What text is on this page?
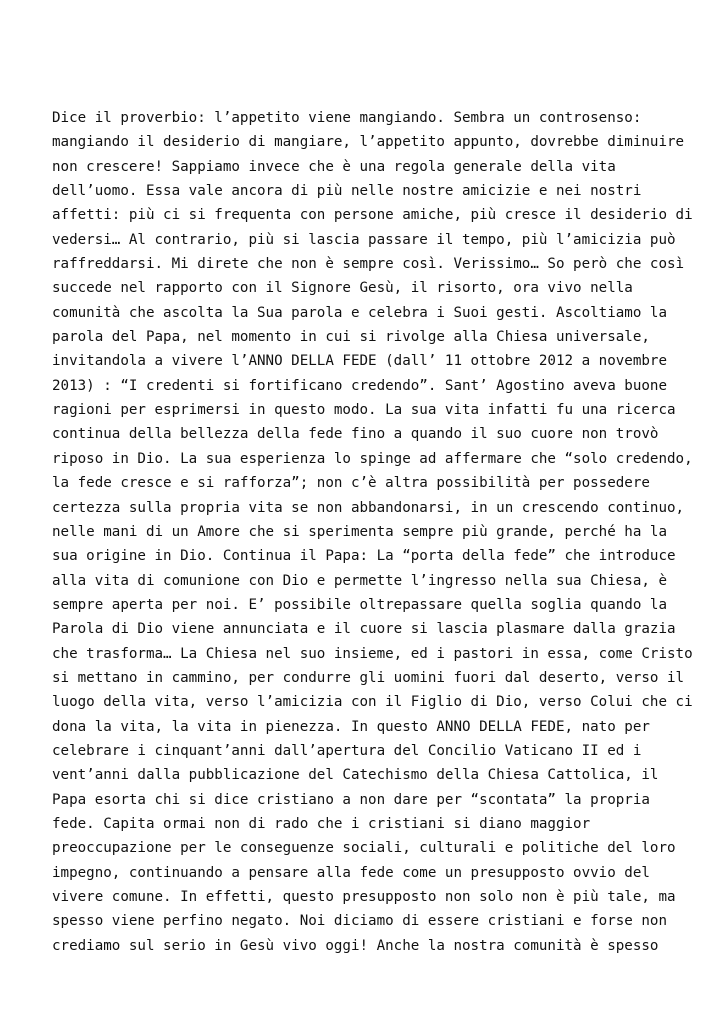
Dice il proverbio: l’appetito viene mangiando. Sembra un controsenso:
mangiando il desiderio di mangiare, l’appetito appunto, dovrebbe diminuire
non crescere! Sappiamo invece che è una regola generale della vita
dell’uomo. Essa vale ancora di più nelle nostre amicizie e nei nostri
affetti: più ci si frequenta con persone amiche, più cresce il desiderio di
vedersi… Al contrario, più si lascia passare il tempo, più l’amicizia può
raffreddarsi. Mi direte che non è sempre così. Verissimo… So però che così
succede nel rapporto con il Signore Gesù, il risorto, ora vivo nella
comunità che ascolta la Sua parola e celebra i Suoi gesti. Ascoltiamo la
parola del Papa, nel momento in cui si rivolge alla Chiesa universale,
invitandola a vivere l’ANNO DELLA FEDE (dall’ 11 ottobre 2012 a novembre
2013) : “I credenti si fortificano credendo”. Sant’ Agostino aveva buone
ragioni per esprimersi in questo modo. La sua vita infatti fu una ricerca
continua della bellezza della fede fino a quando il suo cuore non trovò
riposo in Dio. La sua esperienza lo spinge ad affermare che “solo credendo,
la fede cresce e si rafforza”; non c’è altra possibilità per possedere
certezza sulla propria vita se non abbandonarsi, in un crescendo continuo,
nelle mani di un Amore che si sperimenta sempre più grande, perché ha la
sua origine in Dio. Continua il Papa: La “porta della fede” che introduce
alla vita di comunione con Dio e permette l’ingresso nella sua Chiesa, è
sempre aperta per noi. E’ possibile oltrepassare quella soglia quando la
Parola di Dio viene annunciata e il cuore si lascia plasmare dalla grazia
che trasforma… La Chiesa nel suo insieme, ed i pastori in essa, come Cristo
si mettano in cammino, per condurre gli uomini fuori dal deserto, verso il
luogo della vita, verso l’amicizia con il Figlio di Dio, verso Colui che ci
dona la vita, la vita in pienezza. In questo ANNO DELLA FEDE, nato per
celebrare i cinquant’anni dall’apertura del Concilio Vaticano II ed i
vent’anni dalla pubblicazione del Catechismo della Chiesa Cattolica, il
Papa esorta chi si dice cristiano a non dare per “scontata” la propria
fede. Capita ormai non di rado che i cristiani si diano maggior
preoccupazione per le conseguenze sociali, culturali e politiche del loro
impegno, continuando a pensare alla fede come un presupposto ovvio del
vivere comune. In effetti, questo presupposto non solo non è più tale, ma
spesso viene perfino negato. Noi diciamo di essere cristiani e forse non
crediamo sul serio in Gesù vivo oggi! Anche la nostra comunità è spesso
